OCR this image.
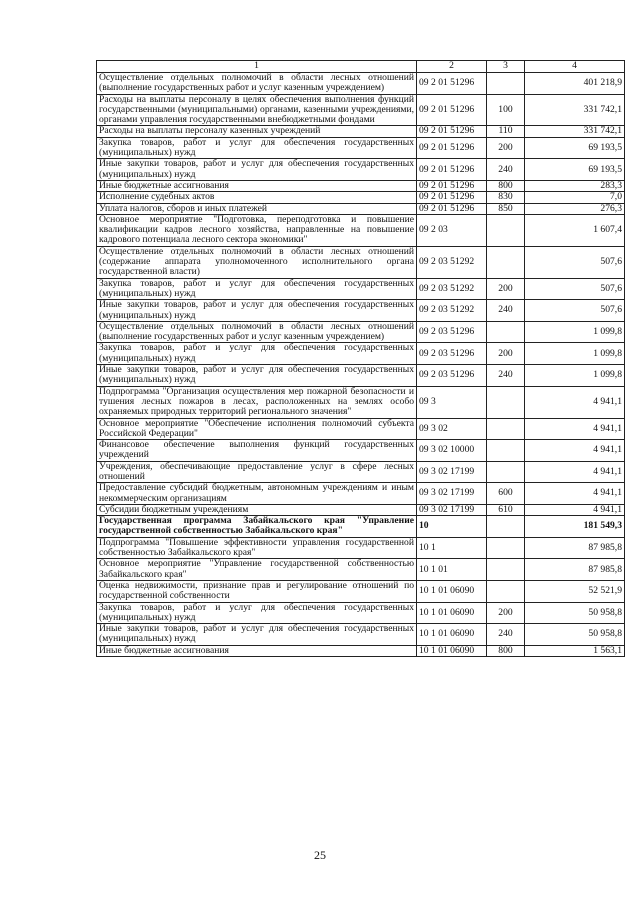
1	2	3	4
Осуществление отдельных полномочий в области лесных отношений (выполнение государственных работ и услуг казенным учреждением)	09 2 01 51296		401 218,9
Расходы на выплаты персоналу в целях обеспечения выполнения функций государственными (муниципальными) органами, казенными учреждениями, органами управления государственными внебюджетными фондами	09 2 01 51296	100	331 742,1
Расходы на выплаты персоналу казенных учреждений	09 2 01 51296	110	331 742,1
Закупка товаров, работ и услуг для обеспечения государственных (муниципальных) нужд	09 2 01 51296	200	69 193,5
Иные закупки товаров, работ и услуг для обеспечения государственных (муниципальных) нужд	09 2 01 51296	240	69 193,5
Иные бюджетные ассигнования	09 2 01 51296	800	283,3
Исполнение судебных актов	09 2 01 51296	830	7,0
Уплата налогов, сборов и иных платежей	09 2 01 51296	850	276,3
Основное мероприятие "Подготовка, переподготовка и повышение квалификации кадров лесного хозяйства, направленные на повышение кадрового потенциала лесного сектора экономики"	09 2 03		1 607,4
Осуществление отдельных полномочий в области лесных отношений (содержание аппарата уполномоченного исполнительного органа государственной власти)	09 2 03 51292		507,6
Закупка товаров, работ и услуг для обеспечения государственных (муниципальных) нужд	09 2 03 51292	200	507,6
Иные закупки товаров, работ и услуг для обеспечения государственных (муниципальных) нужд	09 2 03 51292	240	507,6
Осуществление отдельных полномочий в области лесных отношений (выполнение государственных работ и услуг казенным учреждением)	09 2 03 51296		1 099,8
Закупка товаров, работ и услуг для обеспечения государственных (муниципальных) нужд	09 2 03 51296	200	1 099,8
Иные закупки товаров, работ и услуг для обеспечения государственных (муниципальных) нужд	09 2 03 51296	240	1 099,8
Подпрограмма "Организация осуществления мер пожарной безопасности и тушения лесных пожаров в лесах, расположенных на землях особо охраняемых природных территорий регионального значения"	09 3		4 941,1
Основное мероприятие "Обеспечение исполнения полномочий субъекта Российской Федерации"	09 3 02		4 941,1
Финансовое обеспечение выполнения функций государственных учреждений	09 3 02 10000		4 941,1
Учреждения, обеспечивающие предоставление услуг в сфере лесных отношений	09 3 02 17199		4 941,1
Предоставление субсидий бюджетным, автономным учреждениям и иным некоммерческим организациям	09 3 02 17199	600	4 941,1
Субсидии бюджетным учреждениям	09 3 02 17199	610	4 941,1
Государственная программа Забайкальского края "Управление государственной собственностью Забайкальского края"	10		181 549,3
Подпрограмма "Повышение эффективности управления государственной собственностью Забайкальского края"	10 1		87 985,8
Основное мероприятие "Управление государственной собственностью Забайкальского края"	10 1 01		87 985,8
Оценка недвижимости, признание прав и регулирование отношений по государственной собственности	10 1 01 06090		52 521,9
Закупка товаров, работ и услуг для обеспечения государственных (муниципальных) нужд	10 1 01 06090	200	50 958,8
Иные закупки товаров, работ и услуг для обеспечения государственных (муниципальных) нужд	10 1 01 06090	240	50 958,8
Иные бюджетные ассигнования	10 1 01 06090	800	1 563,1
25
